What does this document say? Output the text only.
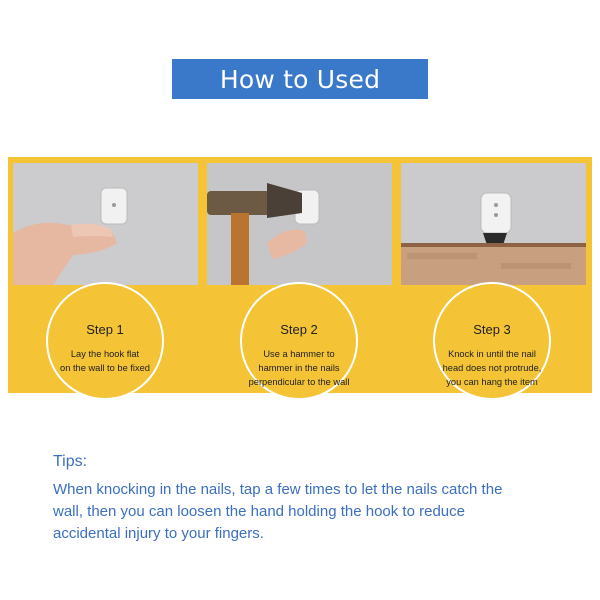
How to Used
Step 1
Lay the hook flat
on the wall to be fixed
Step 2
Use a hammer to
hammer in the nails
perpendicular to the wall
Step 3
Knock in until the nail
head does not protrude,
you can hang the item
Tips:
When knocking in the nails, tap a few times to let the nails catch the
wall, then you can loosen the hand holding the hook to reduce
accidental injury to your fingers.
